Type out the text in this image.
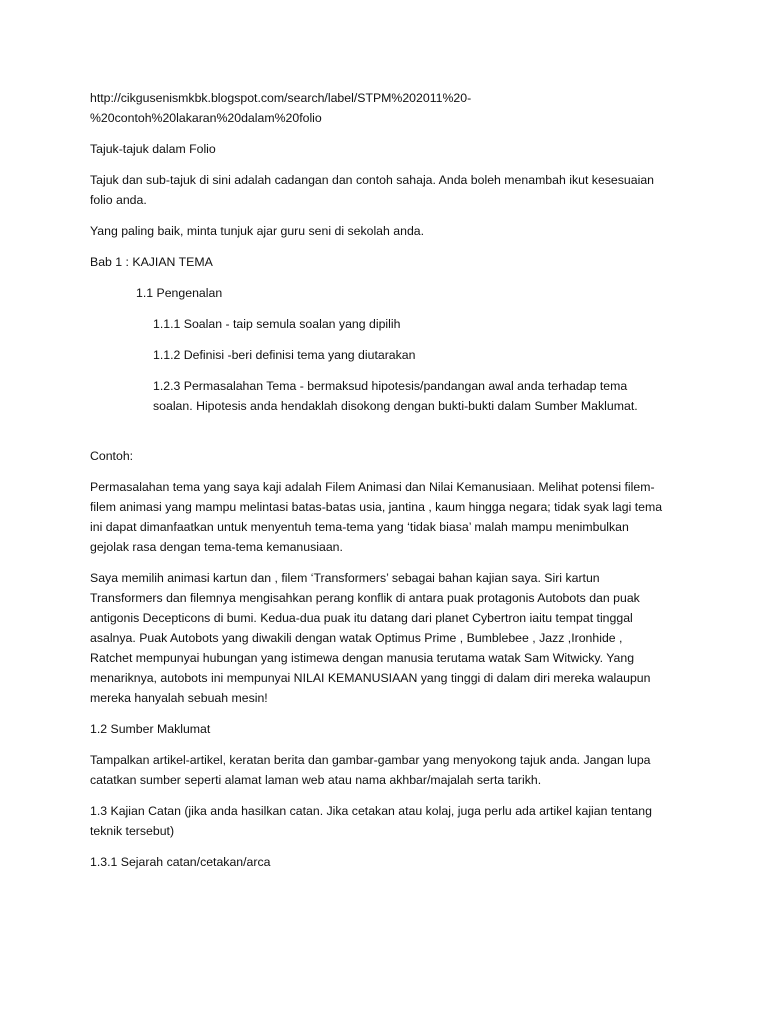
http://cikgusenismkbk.blogspot.com/search/label/STPM%202011%20-
%20contoh%20lakaran%20dalam%20folio
Tajuk-tajuk dalam Folio
Tajuk dan sub-tajuk di sini adalah cadangan dan contoh sahaja. Anda boleh menambah ikut kesesuaian
folio anda.
Yang paling baik, minta tunjuk ajar guru seni di sekolah anda.
Bab 1 : KAJIAN TEMA
1.1 Pengenalan
1.1.1 Soalan - taip semula soalan yang dipilih
1.1.2 Definisi -beri definisi tema yang diutarakan
1.2.3 Permasalahan Tema - bermaksud hipotesis/pandangan awal anda terhadap tema
soalan. Hipotesis anda hendaklah disokong dengan bukti-bukti dalam Sumber Maklumat.
Contoh:
Permasalahan tema yang saya kaji adalah Filem Animasi dan Nilai Kemanusiaan. Melihat potensi filem-
filem animasi yang mampu melintasi batas-batas usia, jantina , kaum hingga negara; tidak syak lagi tema
ini dapat dimanfaatkan untuk menyentuh tema-tema yang ‘tidak biasa’ malah mampu menimbulkan
gejolak rasa dengan tema-tema kemanusiaan.
Saya memilih animasi kartun dan , filem ‘Transformers’ sebagai bahan kajian saya. Siri kartun
Transformers dan filemnya mengisahkan perang konflik di antara puak protagonis Autobots dan puak
antigonis Decepticons di bumi. Kedua-dua puak itu datang dari planet Cybertron iaitu tempat tinggal
asalnya. Puak Autobots yang diwakili dengan watak Optimus Prime , Bumblebee , Jazz ,Ironhide ,
Ratchet mempunyai hubungan yang istimewa dengan manusia terutama watak Sam Witwicky. Yang
menariknya, autobots ini mempunyai NILAI KEMANUSIAAN yang tinggi di dalam diri mereka walaupun
mereka hanyalah sebuah mesin!
1.2 Sumber Maklumat
Tampalkan artikel-artikel, keratan berita dan gambar-gambar yang menyokong tajuk anda. Jangan lupa
catatkan sumber seperti alamat laman web atau nama akhbar/majalah serta tarikh.
1.3 Kajian Catan (jika anda hasilkan catan. Jika cetakan atau kolaj, juga perlu ada artikel kajian tentang
teknik tersebut)
1.3.1 Sejarah catan/cetakan/arca
